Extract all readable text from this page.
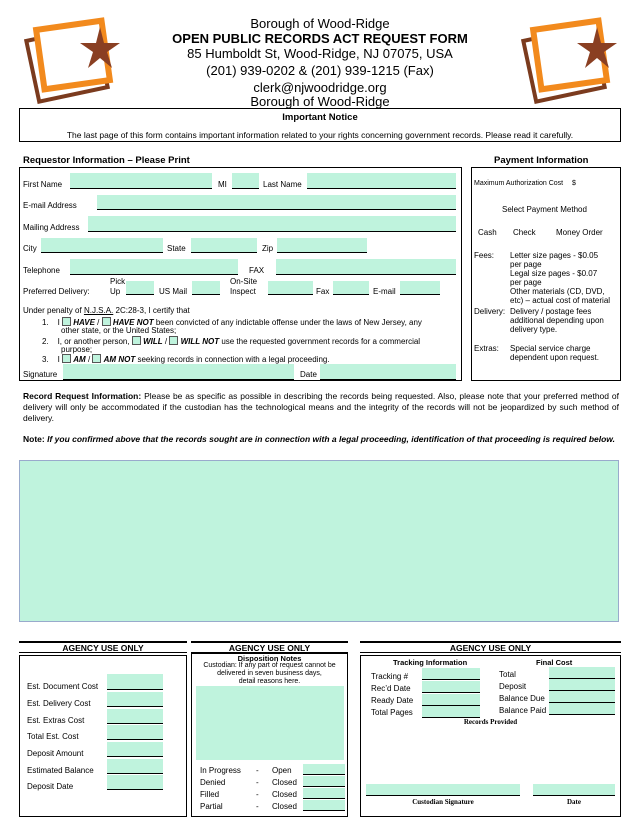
Borough of Wood-Ridge
OPEN PUBLIC RECORDS ACT REQUEST FORM
85 Humboldt St, Wood-Ridge, NJ 07075, USA
(201) 939-0202 & (201) 939-1215 (Fax)
clerk@njwoodridge.org
Borough of Wood-Ridge
Important Notice
The last page of this form contains important information related to your rights concerning government records. Please read it carefully.
Requestor Information – Please Print	Payment Information
First Name	MI	Last Name
E-mail Address
Mailing Address
City	State	Zip
Telephone	FAX
Preferred Delivery:
Pick
Up	US Mail
On-Site
Inspect	Fax	E-mail
Under penalty of N.J.S.A. 2C:28-3, I certify that
1. I HAVE / HAVE NOT been convicted of any indictable offense under the laws of New Jersey, any
other state, or the United States;
2. I, or another person, WILL / WILL NOT use the requested government records for a commercial
purpose;
3. I AM / AM NOT seeking records in connection with a legal proceeding.
Signature	Date
Maximum Authorization Cost $
Select Payment Method
Cash Check	Money Order
Fees: Letter size pages - $0.05
per page
Legal size pages - $0.07
per page
Other materials (CD, DVD,
etc) – actual cost of material
Delivery: Delivery / postage fees
additional depending upon
delivery type.
Extras: Special service charge
dependent upon request.
Record Request Information: Please be as specific as possible in describing the records being requested. Also, please note that your preferred method of delivery will only be accommodated if the custodian has the technological means and the integrity of the records will not be jeopardized by such method of delivery.
Note: If you confirmed above that the records sought are in connection with a legal proceeding, identification of that proceeding is required below.
AGENCY USE ONLY	AGENCY USE ONLY	AGENCY USE ONLY
Est. Document Cost
Est. Delivery Cost
Est. Extras Cost
Total Est. Cost
Deposit Amount
Estimated Balance
Deposit Date
Disposition Notes
Custodian: If any part of request cannot be
delivered in seven business days,
detail reasons here.
In Progress - Open
Denied	- Closed
Filled	- Closed
Partial	- Closed
Tracking Information	Final Cost
Tracking #
Rec’d Date
Ready Date
Total Pages
Total
Deposit
Balance Due
Balance Paid
Records Provided
Custodian Signature	Date
